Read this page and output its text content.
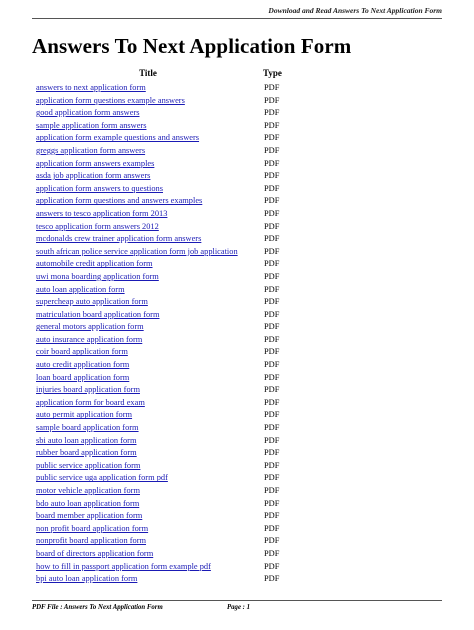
Download and Read Answers To Next Application Form
Answers To Next Application Form
Title	Type
answers to next application form	PDF
application form questions example answers	PDF
good application form answers	PDF
sample application form answers	PDF
application form example questions and answers	PDF
greggs application form answers	PDF
application form answers examples	PDF
asda job application form answers	PDF
application form answers to questions	PDF
application form questions and answers examples	PDF
answers to tesco application form 2013	PDF
tesco application form answers 2012	PDF
mcdonalds crew trainer application form answers	PDF
south african police service application form job application	PDF
automobile credit application form	PDF
uwi mona boarding application form	PDF
auto loan application form	PDF
supercheap auto application form	PDF
matriculation board application form	PDF
general motors application form	PDF
auto insurance application form	PDF
coir board application form	PDF
auto credit application form	PDF
loan board application form	PDF
injuries board application form	PDF
application form for board exam	PDF
auto permit application form	PDF
sample board application form	PDF
sbi auto loan application form	PDF
rubber board application form	PDF
public service application form	PDF
public service uga application form pdf	PDF
motor vehicle application form	PDF
bdo auto loan application form	PDF
board member application form	PDF
non profit board application form	PDF
nonprofit board application form	PDF
board of directors application form	PDF
how to fill in passport application form example pdf	PDF
bpi auto loan application form	PDF
PDF File : Answers To Next Application Form	Page : 1
